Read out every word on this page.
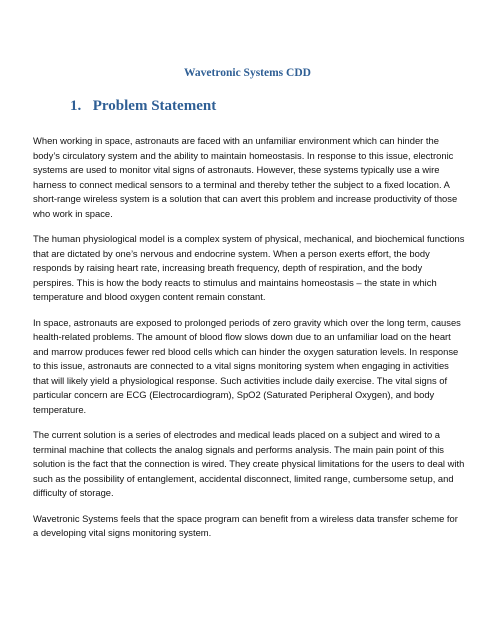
Wavetronic Systems CDD
1. Problem Statement

When working in space, astronauts are faced with an unfamiliar environment which can hinder the body’s circulatory system and the ability to maintain homeostasis. In response to this issue, electronic systems are used to monitor vital signs of astronauts. However, these systems typically use a wire harness to connect medical sensors to a terminal and thereby tether the subject to a fixed location. A short-range wireless system is a solution that can avert this problem and increase productivity of those who work in space.

The human physiological model is a complex system of physical, mechanical, and biochemical functions that are dictated by one’s nervous and endocrine system. When a person exerts effort, the body responds by raising heart rate, increasing breath frequency, depth of respiration, and the body perspires. This is how the body reacts to stimulus and maintains homeostasis – the state in which temperature and blood oxygen content remain constant.

In space, astronauts are exposed to prolonged periods of zero gravity which over the long term, causes health-related problems. The amount of blood flow slows down due to an unfamiliar load on the heart and marrow produces fewer red blood cells which can hinder the oxygen saturation levels. In response to this issue, astronauts are connected to a vital signs monitoring system when engaging in activities that will likely yield a physiological response. Such activities include daily exercise. The vital signs of particular concern are ECG (Electrocardiogram), SpO2 (Saturated Peripheral Oxygen), and body temperature.

The current solution is a series of electrodes and medical leads placed on a subject and wired to a terminal machine that collects the analog signals and performs analysis. The main pain point of this solution is the fact that the connection is wired. They create physical limitations for the users to deal with such as the possibility of entanglement, accidental disconnect, limited range, cumbersome setup, and difficulty of storage.

Wavetronic Systems feels that the space program can benefit from a wireless data transfer scheme for a developing vital signs monitoring system.
